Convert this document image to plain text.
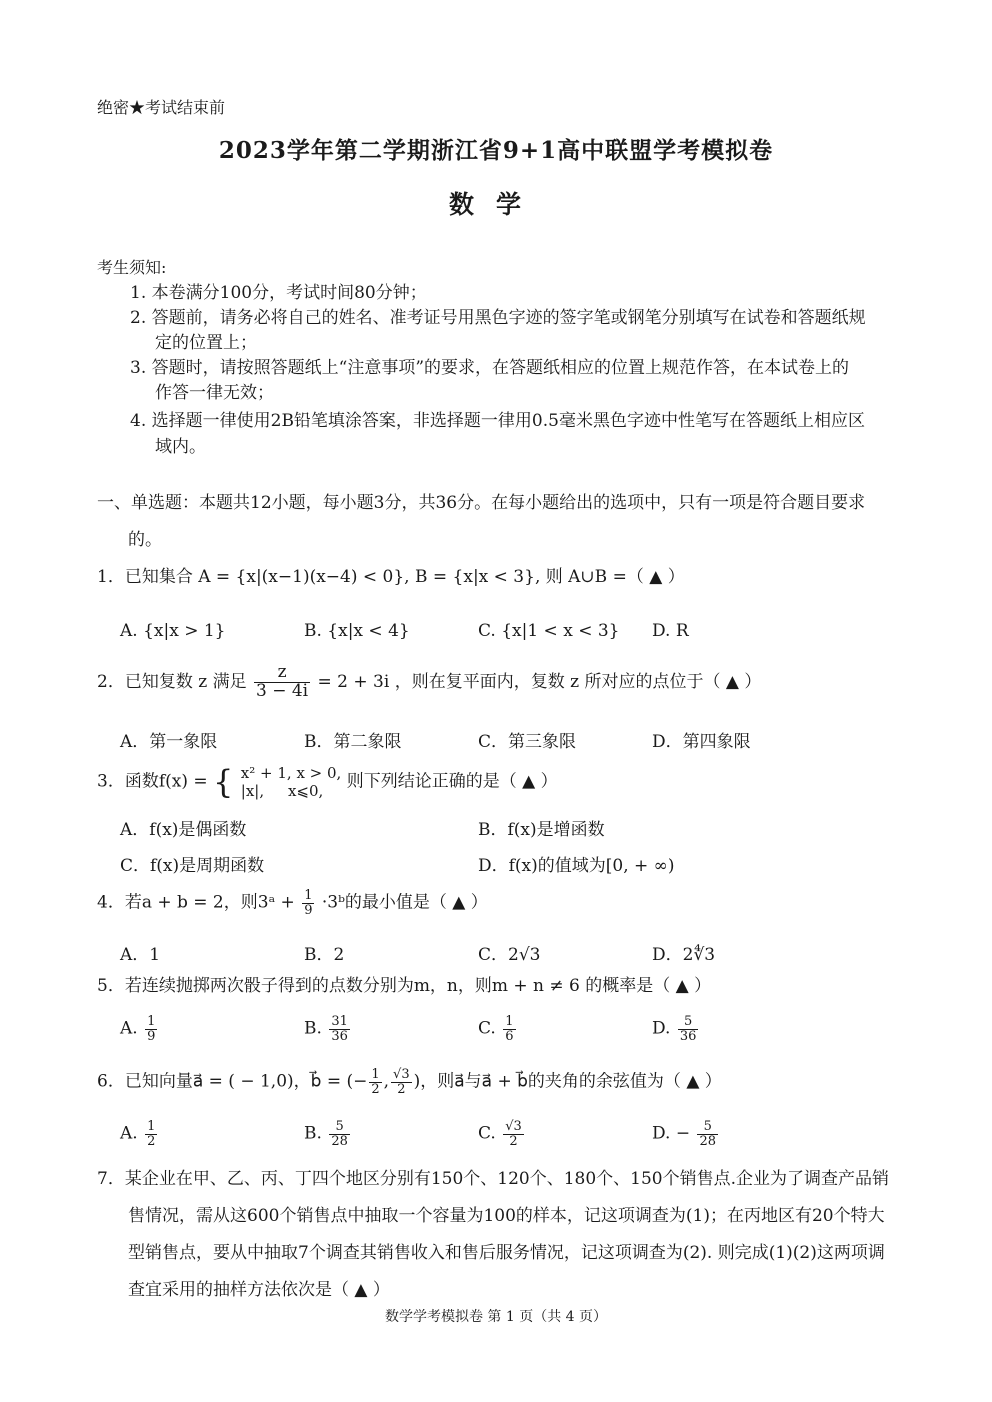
绝密★考试结束前
2023学年第二学期浙江省9+1高中联盟学考模拟卷
数学
考生须知:
1. 本卷满分100分，考试时间80分钟；
2. 答题前，请务必将自己的姓名、准考证号用黑色字迹的签字笔或钢笔分别填写在试卷和答题纸规
定的位置上；
3. 答题时，请按照答题纸上“注意事项”的要求，在答题纸相应的位置上规范作答，在本试卷上的
作答一律无效；
4. 选择题一律使用2B铅笔填涂答案，非选择题一律用0.5毫米黑色字迹中性笔写在答题纸上相应区
域内。
一、单选题：本题共12小题，每小题3分，共36分。在每小题给出的选项中，只有一项是符合题目要求
的。
1．已知集合 A = {x|(x−1)(x−4) < 0}, B = {x|x < 3}, 则 A∪B =（ ▲ ）
A. {x|x > 1}	B. {x|x < 4}	C. {x|1 < x < 3} D. R
2．已知复数 z 满足 $\frac{z}{3 - 4i} = 2 + 3i$ ，则在复平面内，复数 z 所对应的点位于（ ▲ ）
A．第一象限	B．第二象限	C．第三象限	D．第四象限
3．函数f(x) = { x² + 1, x > 0,
|x|,     x⩽0,	则下列结论正确的是（ ▲ ）
A．f(x)是偶函数	B．f(x)是增函数
C．f(x)是周期函数	D．f(x)的值域为[0, + ∞)
4．若a + b = 2，则3ᵃ + $\frac{1}{9}$ ·3ᵇ的最小值是（ ▲ ）
A．1	B．2	C．2√3	D．2∜3
5．若连续抛掷两次骰子得到的点数分别为m，n，则m + n ≠ 6 的概率是（ ▲ ）
A. $\frac{1}{9}$	B. $\frac{31}{36}$	C. $\frac{1}{6}$	D. $\frac{5}{36}$
6．已知向量a⃗ = ( − 1,0)，b⃗ = (− $\frac{1}{2}$ , $\frac{√3}{2}$ )，则a⃗与a⃗ + b⃗的夹角的余弦值为（ ▲ ）
A. $\frac{1}{2}$	B. $\frac{5}{28}$	C. $\frac{√3}{2}$	D. − $\frac{5}{28}$
7．某企业在甲、乙、丙、丁四个地区分别有150个、120个、180个、150个销售点.企业为了调查产品销
售情况，需从这600个销售点中抽取一个容量为100的样本，记这项调查为(1)；在丙地区有20个特大
型销售点，要从中抽取7个调查其销售收入和售后服务情况，记这项调查为(2). 则完成(1)(2)这两项调
查宜采用的抽样方法依次是（ ▲ ）
数学学考模拟卷 第 1 页（共 4 页）
